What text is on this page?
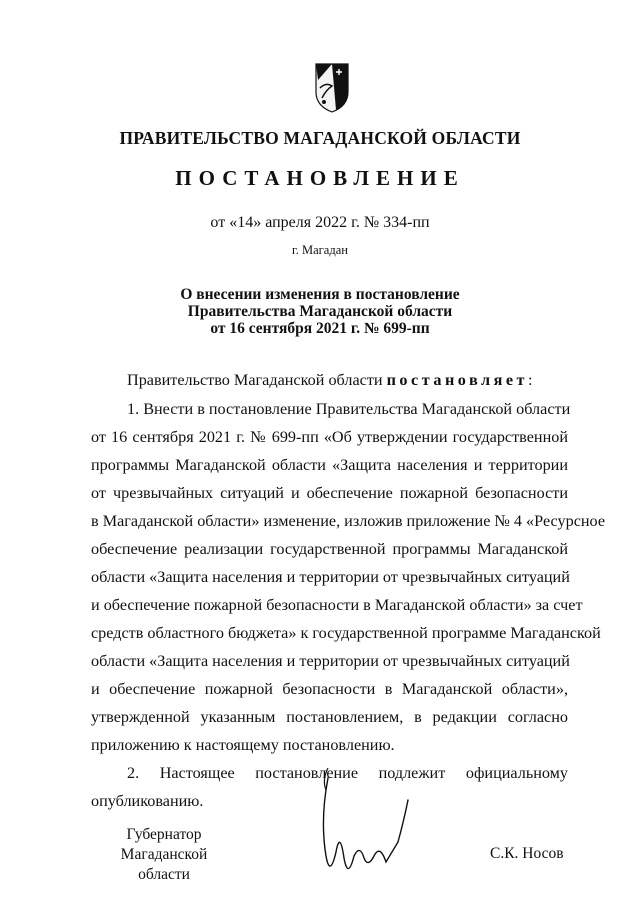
ПРАВИТЕЛЬСТВО МАГАДАНСКОЙ ОБЛАСТИ
ПОСТАНОВЛЕНИЕ
от «14» апреля 2022 г. № 334-пп
г. Магадан
О внесении изменения в постановление
Правительства Магаданской области
от 16 сентября 2021 г. № 699-пп
Правительство Магаданской области постановляет:
1. Внести в постановление Правительства Магаданской области
от 16 сентября 2021 г. № 699-пп «Об утверждении государственной
программы Магаданской области «Защита населения и территории
от чрезвычайных ситуаций и обеспечение пожарной безопасности
в Магаданской области» изменение, изложив приложение № 4 «Ресурсное
обеспечение реализации государственной программы Магаданской
области «Защита населения и территории от чрезвычайных ситуаций
и обеспечение пожарной безопасности в Магаданской области» за счет
средств областного бюджета» к государственной программе Магаданской
области «Защита населения и территории от чрезвычайных ситуаций
и обеспечение пожарной безопасности в Магаданской области»,
утвержденной указанным постановлением, в редакции согласно
приложению к настоящему постановлению.
2. Настоящее постановление подлежит официальному
опубликованию.
Губернатор
Магаданской области
С.К. Носов
